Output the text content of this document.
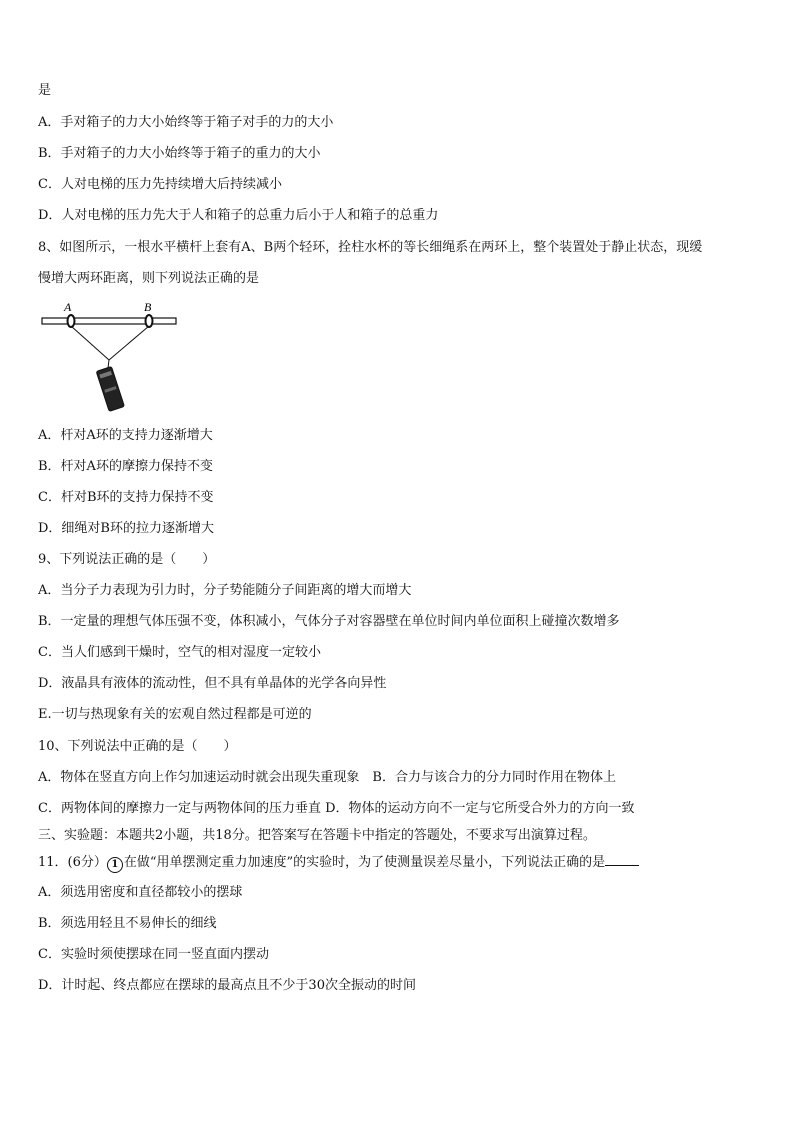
是
A．手对箱子的力大小始终等于箱子对手的力的大小
B．手对箱子的力大小始终等于箱子的重力的大小
C．人对电梯的压力先持续增大后持续减小
D．人对电梯的压力先大于人和箱子的总重力后小于人和箱子的总重力
8、如图所示，一根水平横杆上套有A、B两个轻环，拴柱水杯的等长细绳系在两环上，整个装置处于静止状态，现缓
慢增大两环距离，则下列说法正确的是
A	B
A．杆对A环的支持力逐渐增大
B．杆对A环的摩擦力保持不变
C．杆对B环的支持力保持不变
D．细绳对B环的拉力逐渐增大
9、下列说法正确的是（　　）
A．当分子力表现为引力时，分子势能随分子间距离的增大而增大
B．一定量的理想气体压强不变，体积减小，气体分子对容器壁在单位时间内单位面积上碰撞次数增多
C．当人们感到干燥时，空气的相对湿度一定较小
D．液晶具有液体的流动性，但不具有单晶体的光学各向异性
E.一切与热现象有关的宏观自然过程都是可逆的
10、下列说法中正确的是（　　）
A．物体在竖直方向上作匀加速运动时就会出现失重现象　B．合力与该合力的分力同时作用在物体上
C．两物体间的摩擦力一定与两物体间的压力垂直 D．物体的运动方向不一定与它所受合外力的方向一致
三、实验题：本题共2小题，共18分。把答案写在答题卡中指定的答题处，不要求写出演算过程。
11．(6分） 1 在做“用单摆测定重力加速度”的实验时，为了使测量误差尽量小，下列说法正确的是
A．须选用密度和直径都较小的摆球
B．须选用轻且不易伸长的细线
C．实验时须使摆球在同一竖直面内摆动
D．计时起、终点都应在摆球的最高点且不少于30次全振动的时间
